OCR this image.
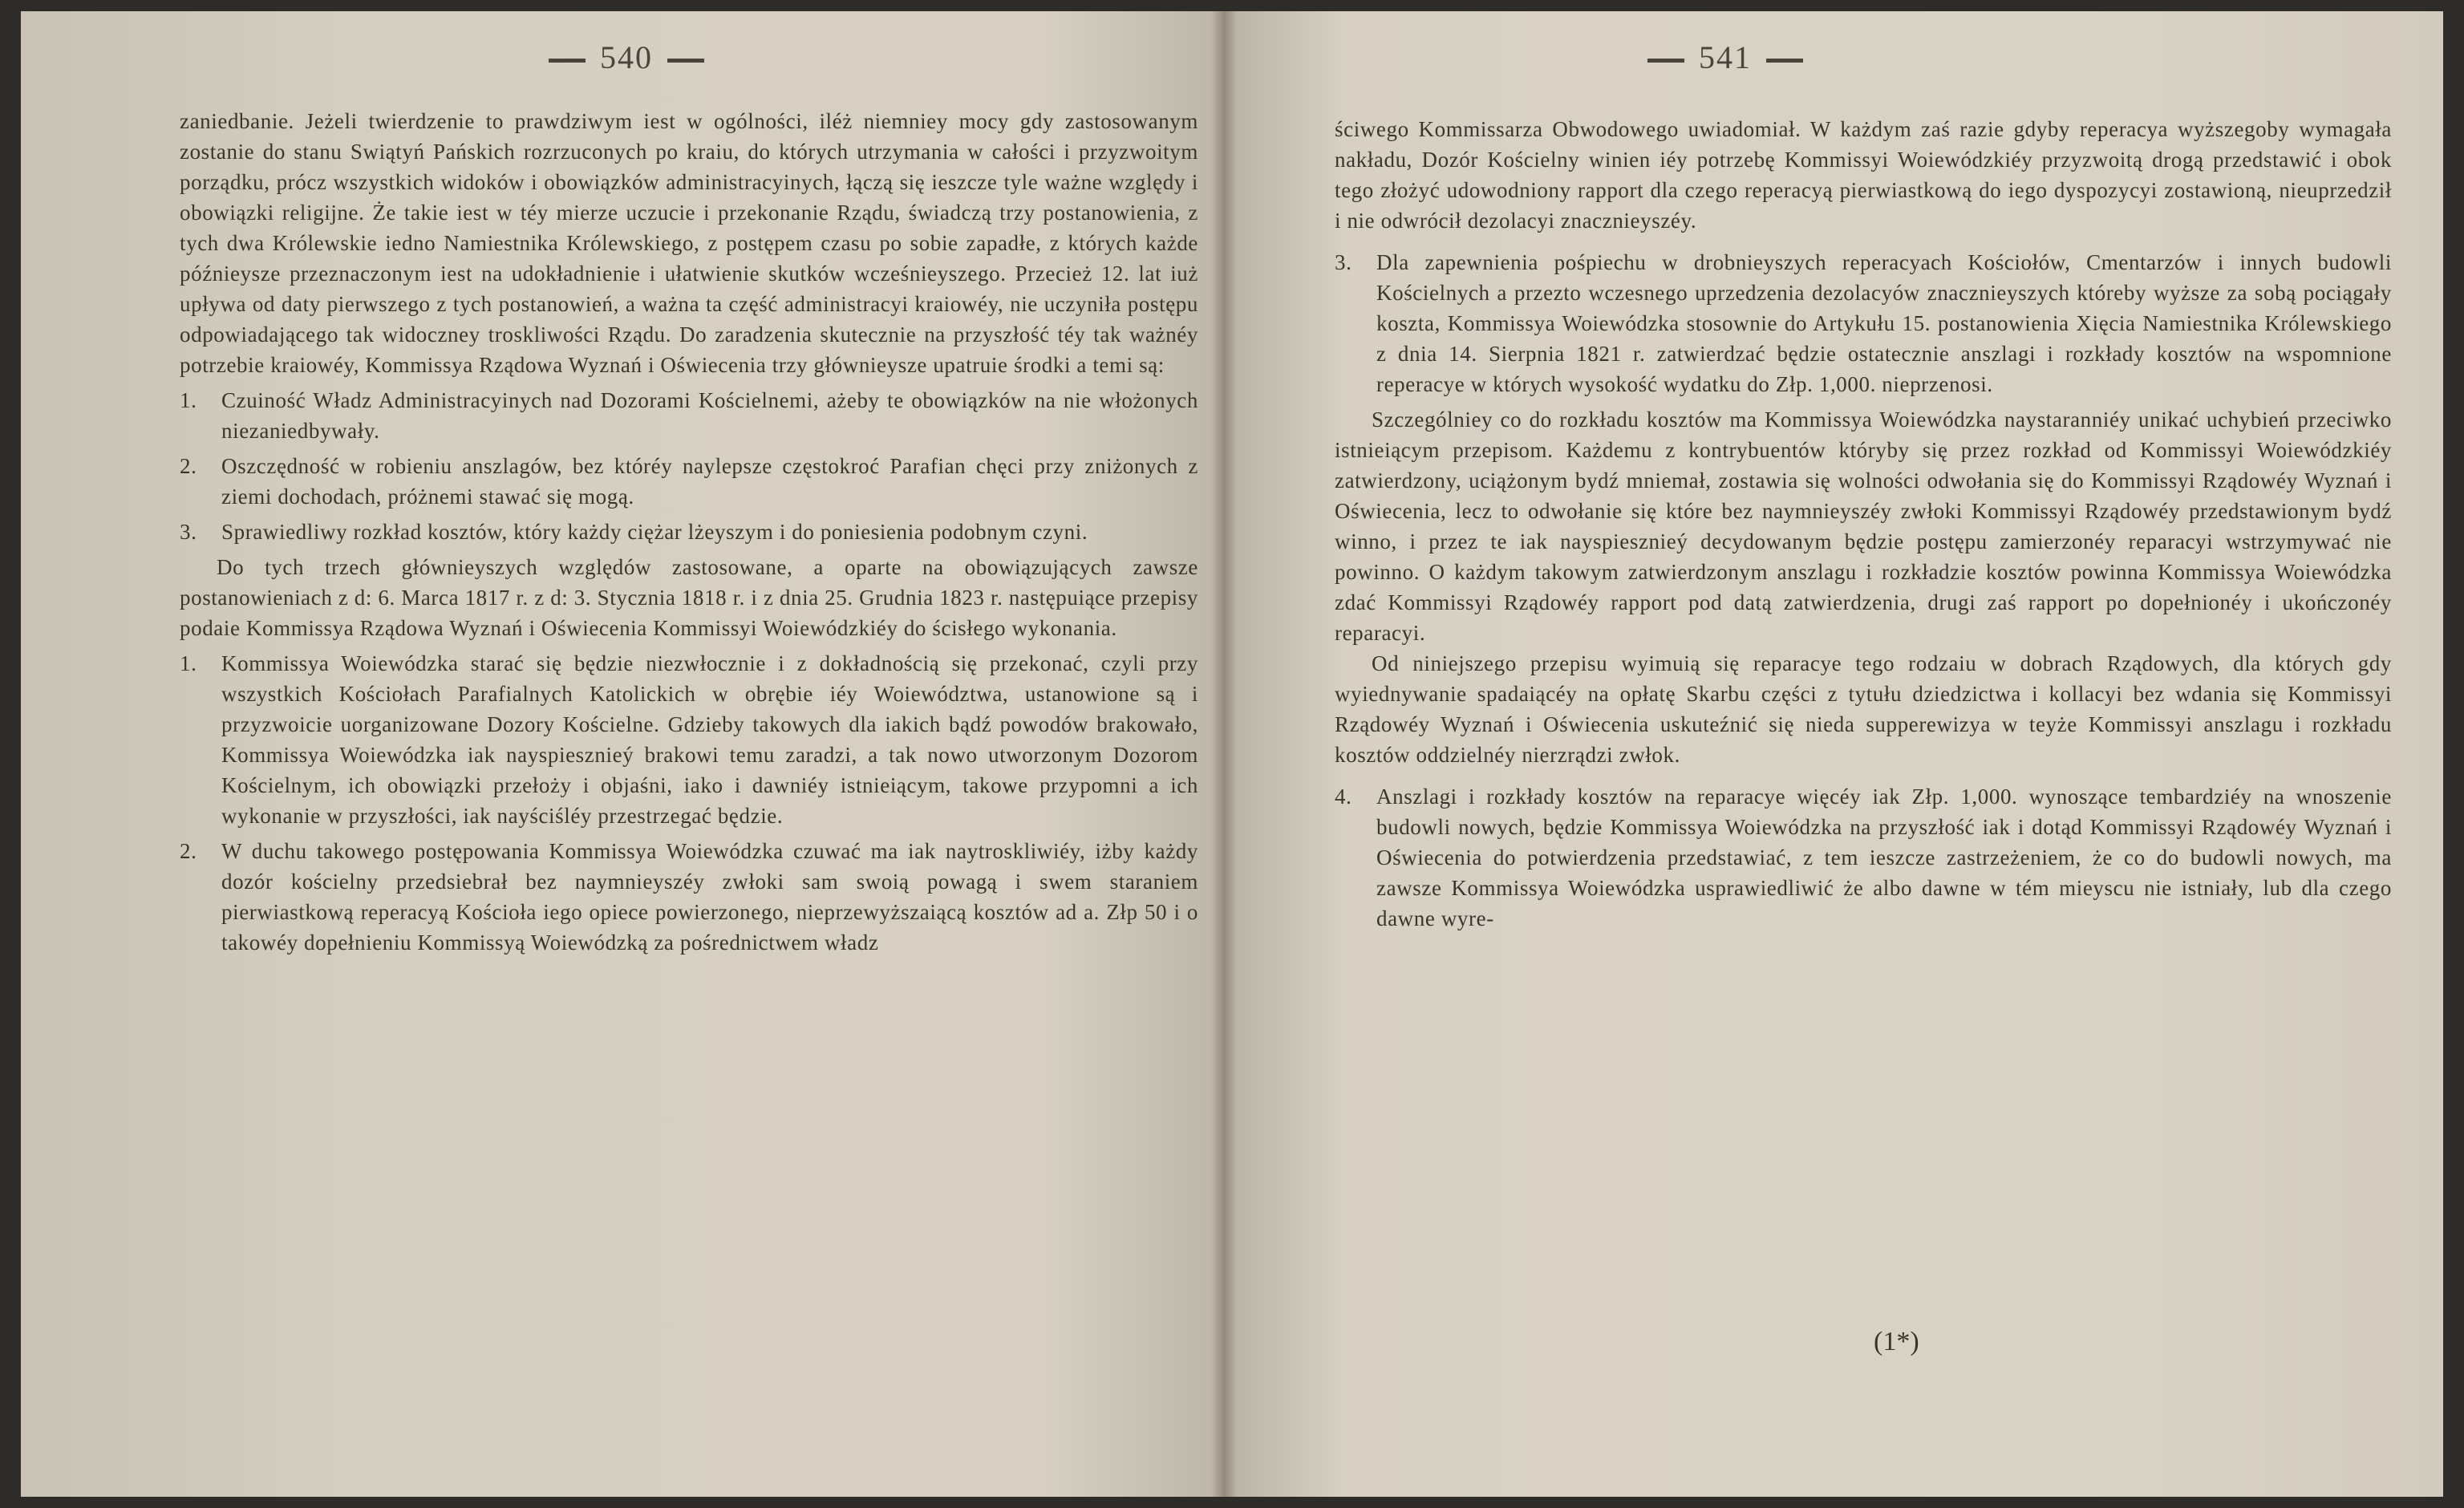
540

zaniedbanie. Jeżeli twierdzenie to prawdziwym iest w ogólności, iléż niemniey mocy gdy zastosowanym zostanie do stanu Swiątyń Pańskich rozrzuconych po kraiu, do których utrzymania w całości i przyzwoitym porządku, prócz wszystkich widoków i obowiązków administracyinych, łączą się ieszcze tyle ważne względy i obowiązki religijne. Że takie iest w téy mierze uczucie i przekonanie Rządu, świadczą trzy postanowienia, z tych dwa Królewskie iedno Namiestnika Królewskiego, z postępem czasu po sobie zapadłe, z których każde późnieysze przeznaczonym iest na udokładnienie i ułatwienie skutków wcześnieyszego. Przecież 12. lat iuż upływa od daty pierwszego z tych postanowień, a ważna ta część administracyi kraiowéy, nie uczyniła postępu odpowiadającego tak widoczney troskliwości Rządu. Do zaradzenia skutecznie na przyszłość téy tak ważnéy potrzebie kraiowéy, Kommissya Rządowa Wyznań i Oświecenia trzy głównieysze upatruie środki a temi są:

1. Czuiność Władz Administracyinych nad Dozorami Kościelnemi, ażeby te obowiązków na nie włożonych niezaniedbywały.
2. Oszczędność w robieniu anszlagów, bez któréy naylepsze częstokroć Parafian chęci przy zniżonych z ziemi dochodach, próżnemi stawać się mogą.
3. Sprawiedliwy rozkład kosztów, który każdy ciężar lżeyszym i do poniesienia podobnym czyni.

Do tych trzech głównieyszych względów zastosowane, a oparte na obowiązujących zawsze postanowieniach z d: 6. Marca 1817 r. z d: 3. Stycznia 1818 r. i z dnia 25. Grudnia 1823 r. następuiące przepisy podaie Kommissya Rządowa Wyznań i Oświecenia Kommissyi Woiewódzkiéy do ścisłego wykonania.

1. Kommissya Woiewódzka starać się będzie niezwłocznie i z dokładnością się przekonać, czyli przy wszystkich Kościołach Parafialnych Katolickich w obrębie iéy Woiewództwa, ustanowione są i przyzwoicie uorganizowane Dozory Kościelne. Gdzieby takowych dla iakich bądź powodów brakowało, Kommissya Woiewódzka iak nayspiesznieý brakowi temu zaradzi, a tak nowo utworzonym Dozorom Kościelnym, ich obowiązki przełoży i objaśni, iako i dawniéy istnieiącym, takowe przypomni a ich wykonanie w przyszłości, iak nayściśléy przestrzegać będzie.
2. W duchu takowego postępowania Kommissya Woiewódzka czuwać ma iak naytroskliwiéy, iżby każdy dozór kościelny przedsiebrał bez naymnieyszéy zwłoki sam swoią powagą i swem staraniem pierwiastkową reperacyą Kościoła iego opiece powierzonego, nieprzewyższaiącą kosztów ad a. Złp 50 i o takowéy dopełnieniu Kommissyą Woiewódzką za pośrednictwem władz
541

ściwego Kommissarza Obwodowego uwiadomiał. W każdym zaś razie gdyby reperacya wyższegoby wymagała nakładu, Dozór Kościelny winien iéy potrzebę Kommissyi Woiewódzkiéy przyzwoitą drogą przedstawić i obok tego złożyć udowodniony rapport dla czego reperacyą pierwiastkową do iego dyspozycyi zostawioną, nieuprzedził i nie odwrócił dezolacyi znacznieyszéy.

3. Dla zapewnienia pośpiechu w drobnieyszych reperacyach Kościołów, Cmentarzów i innych budowli Kościelnych a przezto wczesnego uprzedzenia dezolacyów znacznieyszych któreby wyższe za sobą pociągały koszta, Kommissya Woiewódzka stosownie do Artykułu 15. postanowienia Xięcia Namiestnika Królewskiego z dnia 14. Sierpnia 1821 r. zatwierdzać będzie ostatecznie anszlagi i rozkłady kosztów na wspomnione reperacye w których wysokość wydatku do Złp. 1,000. nieprzenosi.

Szczególniey co do rozkładu kosztów ma Kommissya Woiewódzka naystaranniéy unikać uchybień przeciwko istnieiącym przepisom. Każdemu z kontrybuentów któryby się przez rozkład od Kommissyi Woiewódzkiéy zatwierdzony, uciążonym bydź mniemał, zostawia się wolności odwołania się do Kommissyi Rządowéy Wyznań i Oświecenia, lecz to odwołanie się które bez naymnieyszéy zwłoki Kommissyi Rządowéy przedstawionym bydź winno, i przez te iak nayspiesznieý decydowanym będzie postępu zamierzonéy reparacyi wstrzymywać nie powinno. O każdym takowym zatwierdzonym anszlagu i rozkładzie kosztów powinna Kommissya Woiewódzka zdać Kommissyi Rządowéy rapport pod datą zatwierdzenia, drugi zaś rapport po dopełnionéy i ukończonéy reparacyi.

Od niniejszego przepisu wyimuią się reparacye tego rodzaiu w dobrach Rządowych, dla których gdy wyiednywanie spadaiącéy na opłatę Skarbu części z tytułu dziedzictwa i kollacyi bez wdania się Kommissyi Rządowéy Wyznań i Oświecenia uskuteźnić się nieda supperewizya w teyże Kommissyi anszlagu i rozkładu kosztów oddzielnéy nierzrądzi zwłok.

4. Anszlagi i rozkłady kosztów na reparacye więcéy iak Złp. 1,000. wynoszące tembardziéy na wnoszenie budowli nowych, będzie Kommissya Woiewódzka na przyszłość iak i dotąd Kommissyi Rządowéy Wyznań i Oświecenia do potwierdzenia przedstawiać, z tem ieszcze zastrzeżeniem, że co do budowli nowych, ma zawsze Kommissya Woiewódzka usprawiedliwić że albo dawne w tém mieyscu nie istniały, lub dla czego dawne wyre-
(1*)
